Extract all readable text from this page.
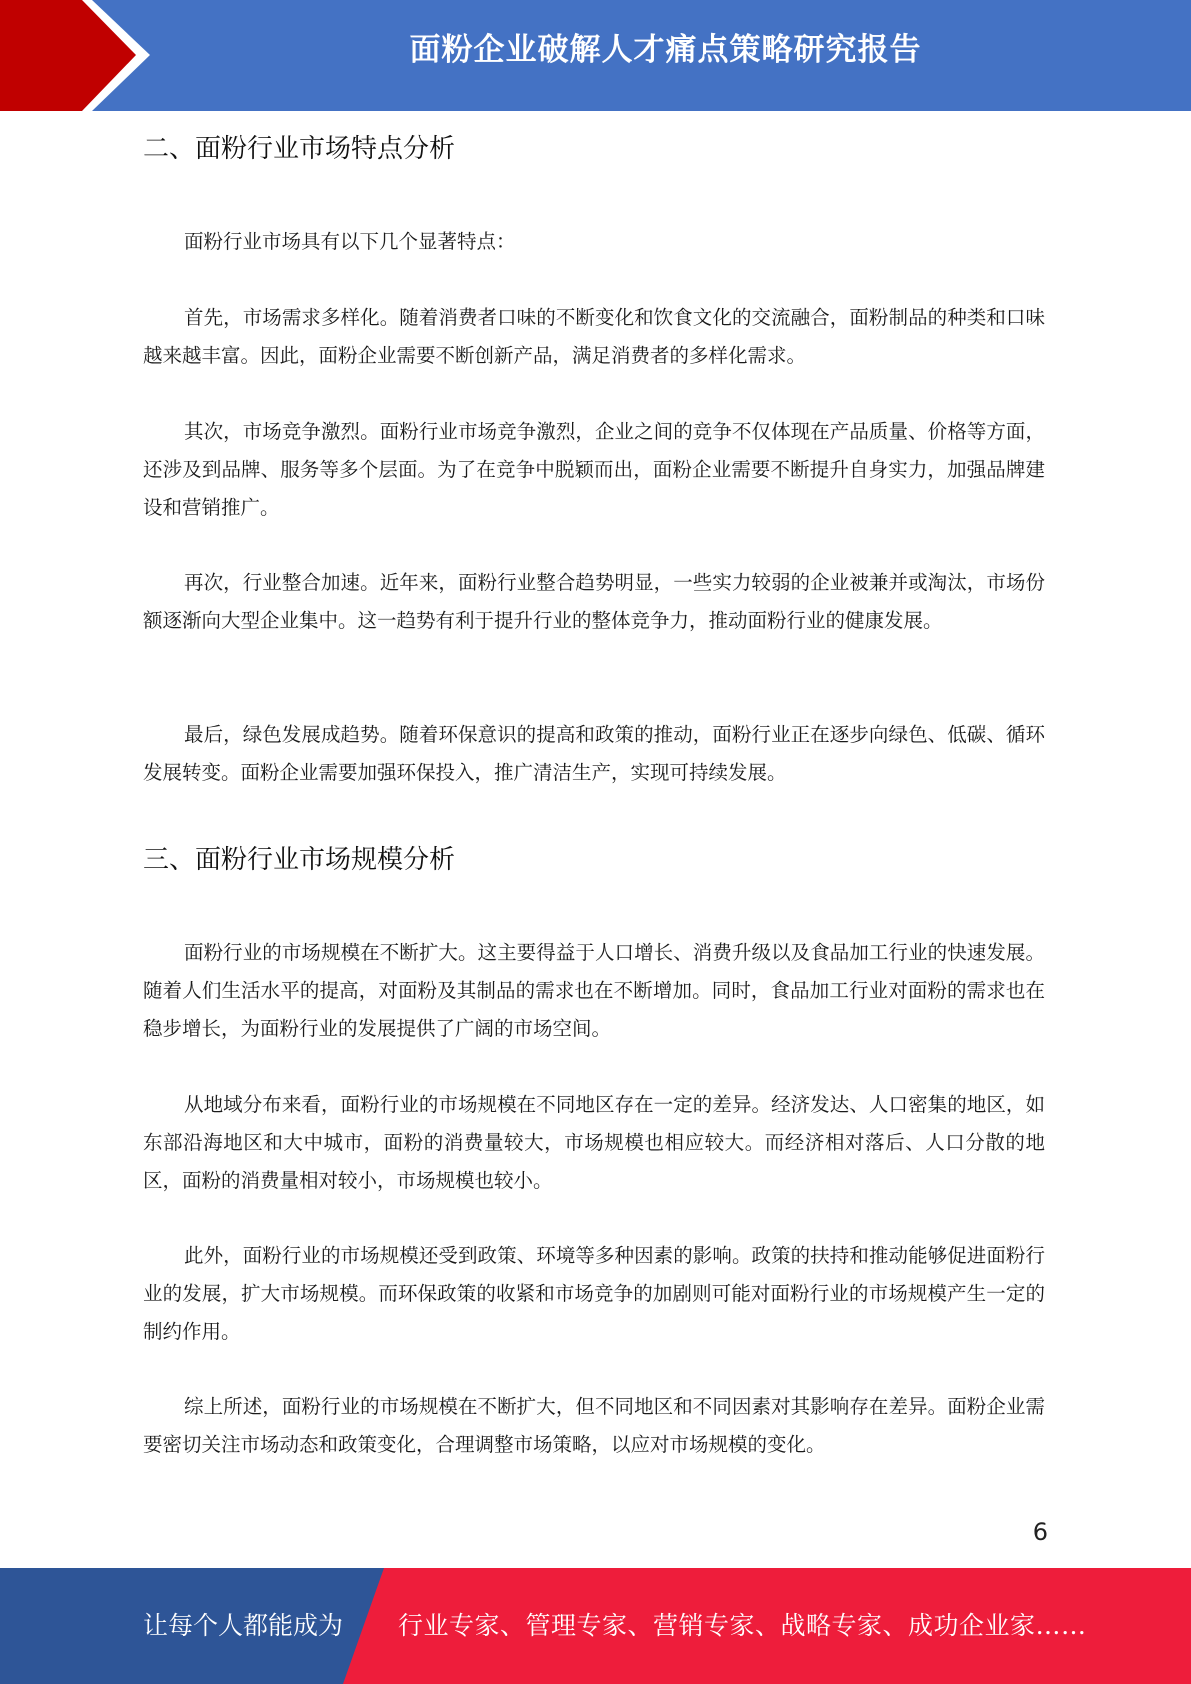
面粉企业破解人才痛点策略研究报告
二、面粉行业市场特点分析

面粉行业市场具有以下几个显著特点：

首先，市场需求多样化。随着消费者口味的不断变化和饮食文化的交流融合，面粉制品的种类和口味越来越丰富。因此，面粉企业需要不断创新产品，满足消费者的多样化需求。

其次，市场竞争激烈。面粉行业市场竞争激烈，企业之间的竞争不仅体现在产品质量、价格等方面，还涉及到品牌、服务等多个层面。为了在竞争中脱颖而出，面粉企业需要不断提升自身实力，加强品牌建设和营销推广。

再次，行业整合加速。近年来，面粉行业整合趋势明显，一些实力较弱的企业被兼并或淘汰，市场份额逐渐向大型企业集中。这一趋势有利于提升行业的整体竞争力，推动面粉行业的健康发展。

最后，绿色发展成趋势。随着环保意识的提高和政策的推动，面粉行业正在逐步向绿色、低碳、循环发展转变。面粉企业需要加强环保投入，推广清洁生产，实现可持续发展。

三、面粉行业市场规模分析

面粉行业的市场规模在不断扩大。这主要得益于人口增长、消费升级以及食品加工行业的快速发展。随着人们生活水平的提高，对面粉及其制品的需求也在不断增加。同时，食品加工行业对面粉的需求也在稳步增长，为面粉行业的发展提供了广阔的市场空间。

从地域分布来看，面粉行业的市场规模在不同地区存在一定的差异。经济发达、人口密集的地区，如东部沿海地区和大中城市，面粉的消费量较大，市场规模也相应较大。而经济相对落后、人口分散的地区，面粉的消费量相对较小，市场规模也较小。

此外，面粉行业的市场规模还受到政策、环境等多种因素的影响。政策的扶持和推动能够促进面粉行业的发展，扩大市场规模。而环保政策的收紧和市场竞争的加剧则可能对面粉行业的市场规模产生一定的制约作用。

综上所述，面粉行业的市场规模在不断扩大，但不同地区和不同因素对其影响存在差异。面粉企业需要密切关注市场动态和政策变化，合理调整市场策略，以应对市场规模的变化。

6
让每个人都能成为 行业专家、管理专家、营销专家、战略专家、成功企业家……
